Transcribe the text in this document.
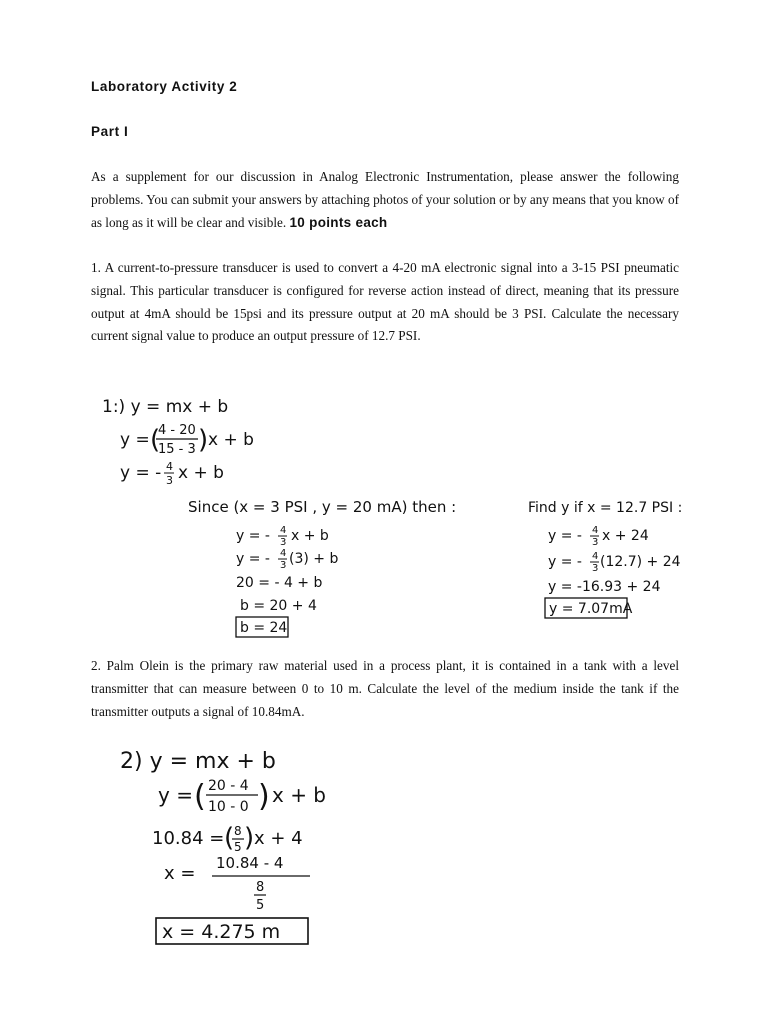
Laboratory Activity 2
Part I

As a supplement for our discussion in Analog Electronic Instrumentation, please answer the following problems. You can submit your answers by attaching photos of your solution or by any means that you know of as long as it will be clear and visible. 10 points each

1. A current-to-pressure transducer is used to convert a 4-20 mA electronic signal into a 3-15 PSI pneumatic signal. This particular transducer is configured for reverse action instead of direct, meaning that its pressure output at 4mA should be 15psi and its pressure output at 20 mA should be 3 PSI. Calculate the necessary current signal value to produce an output pressure of 12.7 PSI.

1:) y = mx + b
y = (
4 - 20
15 - 3 ) x + b
y = - 4
3 x + b
Since (x = 3 PSI , y = 20 mA) then :
y = - 4
3 x + b
y = - 4
3 (3) + b
20 = - 4 + b
b = 20 + 4
b = 24
Find y if x = 12.7 PSI :
y = - 4
3 x + 24
y = - 4
3 (12.7) + 24
y = -16.93 + 24
y = 7.07mA

2. Palm Olein is the primary raw material used in a process plant, it is contained in a tank with a level transmitter that can measure between 0 to 10 m. Calculate the level of the medium inside the tank if the transmitter outputs a signal of 10.84mA.

2) y = mx + b
y = ( 20 - 4
10 - 0 ) x + b
10.84 = ( 8
5 ) x + 4
x = 10.84 - 4
8
5
x = 4.275 m
